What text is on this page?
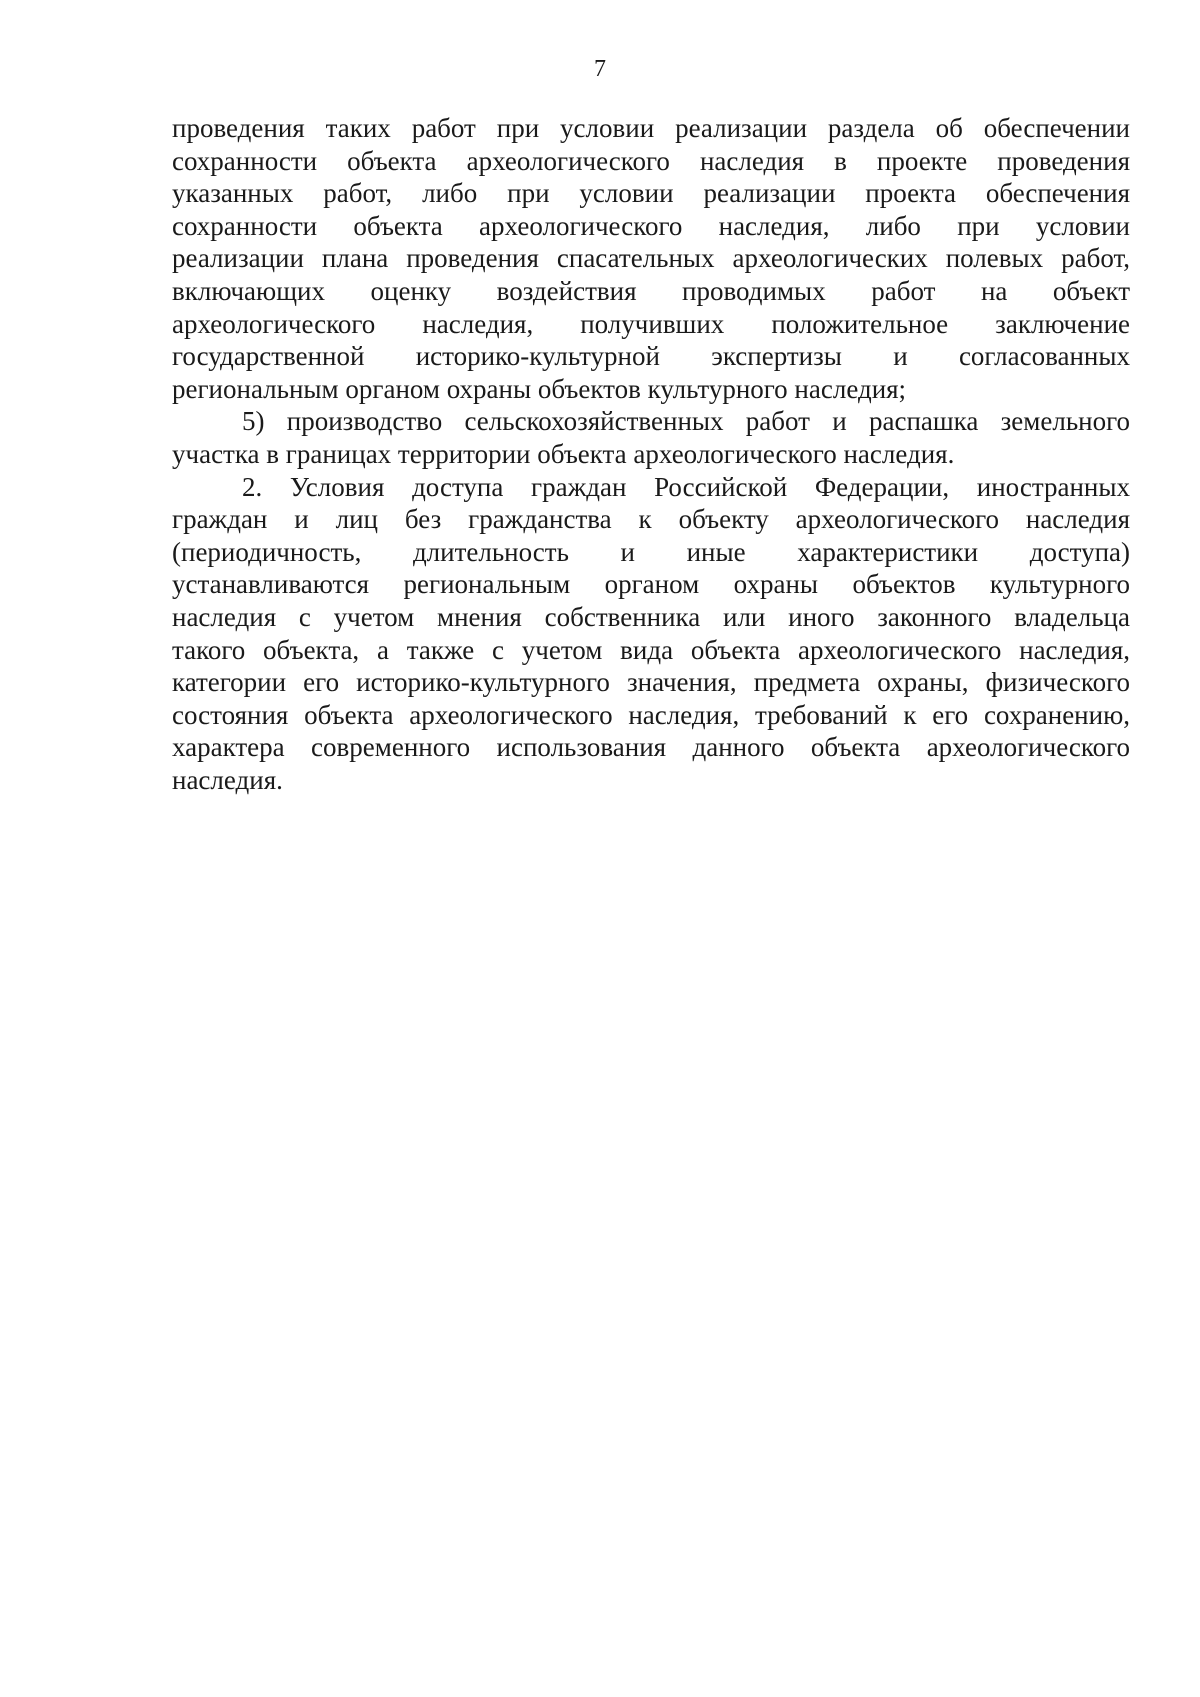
7
проведения таких работ при условии реализации раздела об обеспечении
сохранности объекта археологического наследия в проекте проведения
указанных работ, либо при условии реализации проекта обеспечения
сохранности объекта археологического наследия, либо при условии
реализации плана проведения спасательных археологических полевых работ,
включающих оценку воздействия проводимых работ на объект
археологического наследия, получивших положительное заключение
государственной историко-культурной экспертизы и согласованных
региональным органом охраны объектов культурного наследия;
5) производство сельскохозяйственных работ и распашка земельного
участка в границах территории объекта археологического наследия.
2. Условия доступа граждан Российской Федерации, иностранных
граждан и лиц без гражданства к объекту археологического наследия
(периодичность, длительность и иные характеристики доступа)
устанавливаются региональным органом охраны объектов культурного
наследия с учетом мнения собственника или иного законного владельца
такого объекта, а также с учетом вида объекта археологического наследия,
категории его историко-культурного значения, предмета охраны, физического
состояния объекта археологического наследия, требований к его сохранению,
характера современного использования данного объекта археологического
наследия.
